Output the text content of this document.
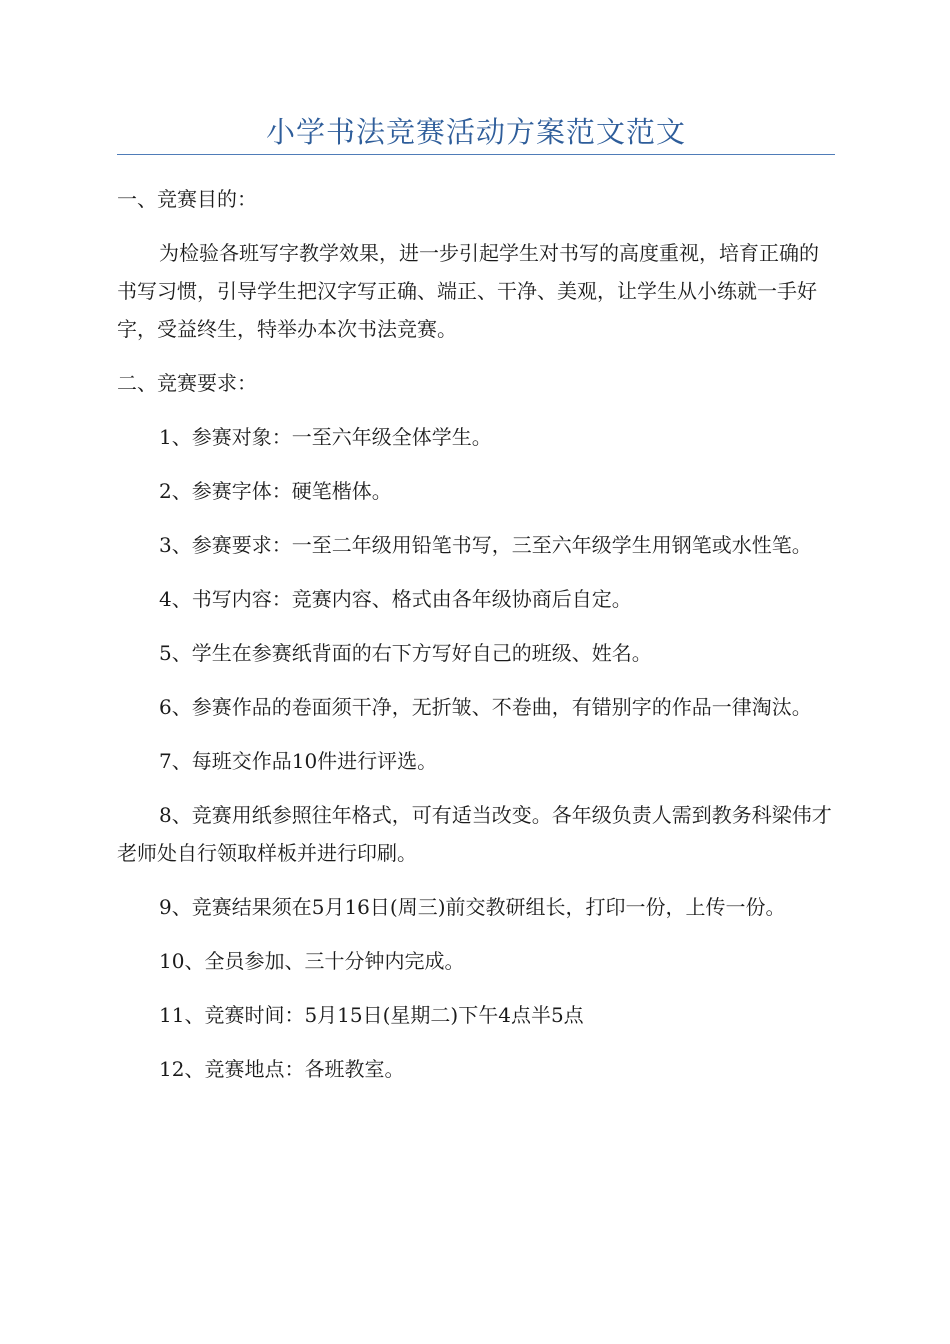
小学书法竞赛活动方案范文范文

一、竞赛目的：

为检验各班写字教学效果，进一步引起学生对书写的高度重视，培育正确的书写习惯，引导学生把汉字写正确、端正、干净、美观，让学生从小练就一手好字，受益终生，特举办本次书法竞赛。

二、竞赛要求：

1、参赛对象：一至六年级全体学生。

2、参赛字体：硬笔楷体。

3、参赛要求：一至二年级用铅笔书写，三至六年级学生用钢笔或水性笔。

4、书写内容：竞赛内容、格式由各年级协商后自定。

5、学生在参赛纸背面的右下方写好自己的班级、姓名。

6、参赛作品的卷面须干净，无折皱、不卷曲，有错别字的作品一律淘汰。

7、每班交作品10件进行评选。

8、竞赛用纸参照往年格式，可有适当改变。各年级负责人需到教务科梁伟才老师处自行领取样板并进行印刷。

9、竞赛结果须在5月16日(周三)前交教研组长，打印一份，上传一份。

10、全员参加、三十分钟内完成。

11、竞赛时间：5月15日(星期二)下午4点半5点

12、竞赛地点：各班教室。
